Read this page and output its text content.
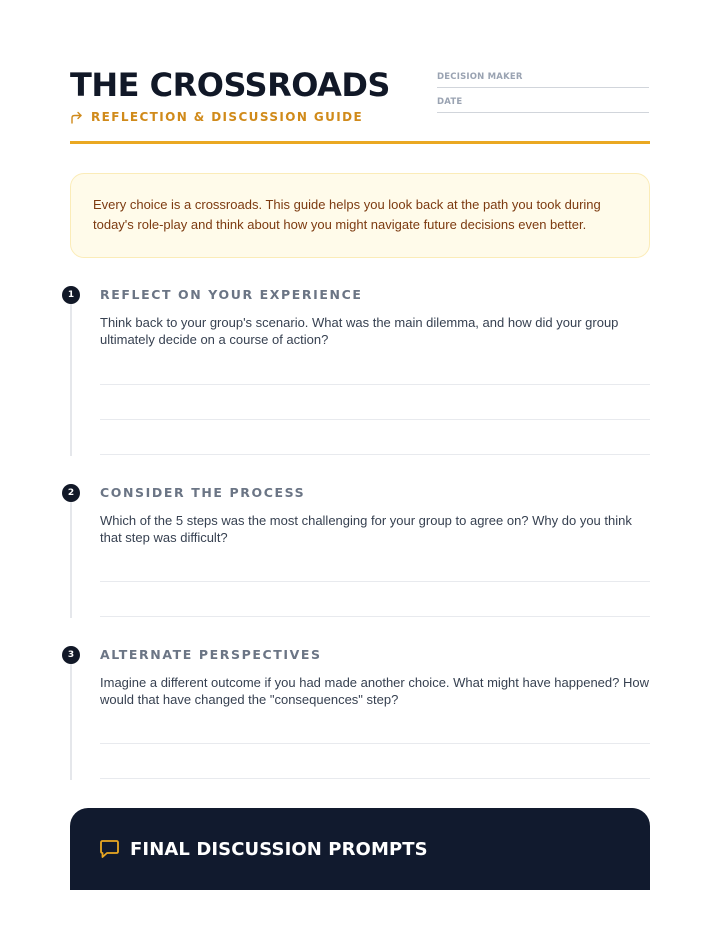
THE CROSSROADS
REFLECTION & DISCUSSION GUIDE
DECISION MAKER
DATE
Every choice is a crossroads. This guide helps you look back at the path you took during today's role-play and think about how you might navigate future decisions even better.
1	REFLECT ON YOUR EXPERIENCE
Think back to your group's scenario. What was the main dilemma, and how did your group ultimately decide on a course of action?
2	CONSIDER THE PROCESS
Which of the 5 steps was the most challenging for your group to agree on? Why do you think that step was difficult?
3	ALTERNATE PERSPECTIVES
Imagine a different outcome if you had made another choice. What might have happened? How would that have changed the "consequences" step?
FINAL DISCUSSION PROMPTS
